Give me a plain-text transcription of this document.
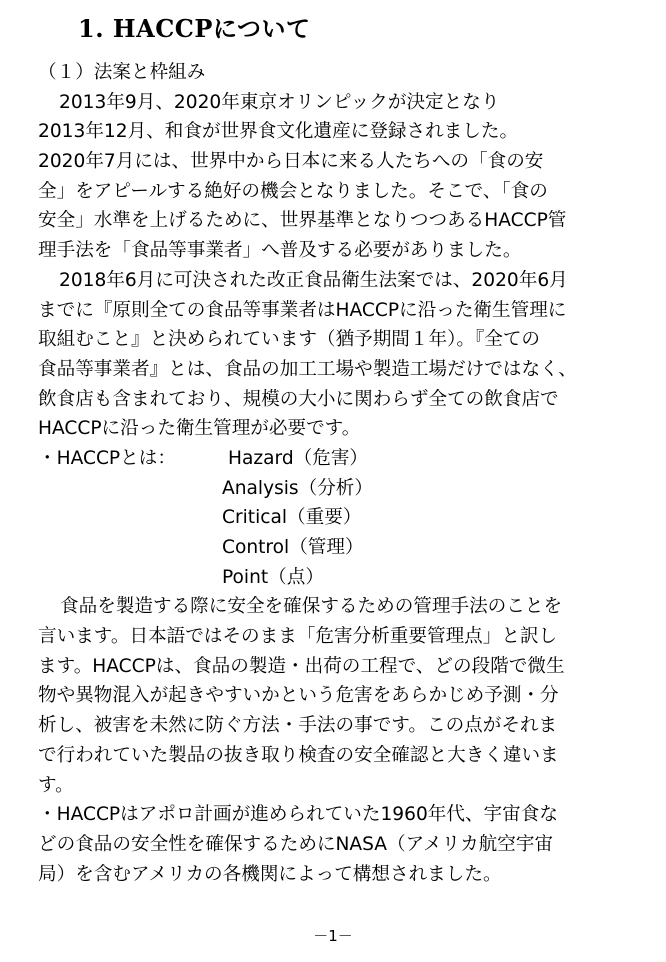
1. HACCPについて
（１）法案と枠組み
2013年9月、2020年東京オリンピックが決定となり
2013年12月、和食が世界食文化遺産に登録されました。
2020年7月には、世界中から日本に来る人たちへの「食の安
全」をアピールする絶好の機会となりました。そこで、「食の
安全」水準を上げるために、世界基準となりつつあるHACCP管
理手法を「食品等事業者」へ普及する必要がありました。
2018年6月に可決された改正食品衛生法案では、2020年6月
までに『原則全ての食品等事業者はHACCPに沿った衛生管理に
取組むこと』と決められています（猶予期間１年）。『全ての
食品等事業者』とは、食品の加工工場や製造工場だけではなく、
飲食店も含まれており、規模の大小に関わらず全ての飲食店で
HACCPに沿った衛生管理が必要です。
・HACCPとは：	Hazard（危害）
Analysis（分析）
Critical（重要）
Control（管理）
Point（点）
食品を製造する際に安全を確保するための管理手法のことを
言います。日本語ではそのまま「危害分析重要管理点」と訳し
ます。HACCPは、食品の製造・出荷の工程で、どの段階で微生
物や異物混入が起きやすいかという危害をあらかじめ予測・分
析し、被害を未然に防ぐ方法・手法の事です。この点がそれま
で行われていた製品の抜き取り検査の安全確認と大きく違いま
す。
・HACCPはアポロ計画が進められていた1960年代、宇宙食な
どの食品の安全性を確保するためにNASA（アメリカ航空宇宙
局）を含むアメリカの各機関によって構想されました。
－1－
